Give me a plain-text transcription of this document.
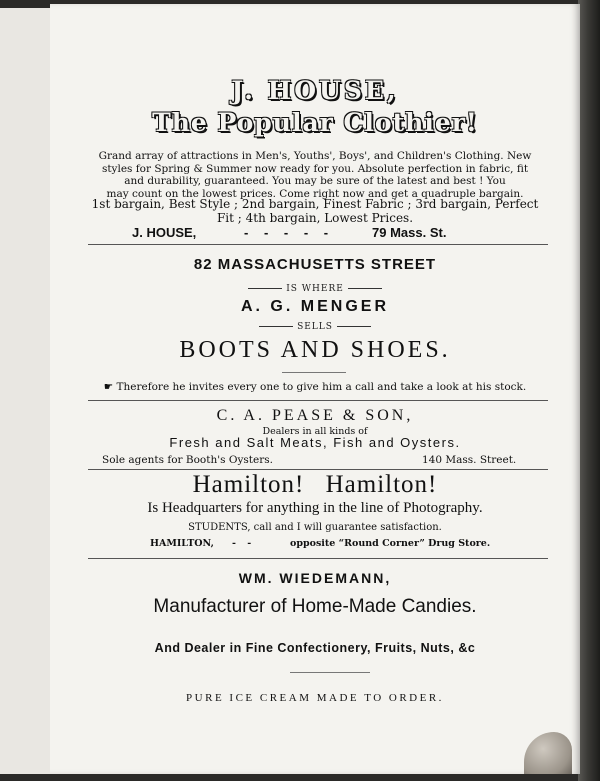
J. HOUSE,
The Popular Clothier!
Grand array of attractions in Men's, Youths', Boys', and Children's Clothing. New
styles for Spring & Summer now ready for you. Absolute perfection in fabric, fit
and durability, guaranteed. You may be sure of the latest and best ! You
may count on the lowest prices. Come right now and get a quadruple bargain.
1st bargain, Best Style ; 2nd bargain, Finest Fabric ; 3rd bargain, Perfect
Fit ; 4th bargain, Lowest Prices.
J. HOUSE,	- - - - -	79 Mass. St.
82 MASSACHUSETTS STREET
IS WHERE
A. G. MENGER
SELLS
BOOTS AND SHOES.
☛ Therefore he invites every one to give him a call and take a look at his stock.
C. A. PEASE & SON,
Dealers in all kinds of
Fresh and Salt Meats, Fish and Oysters.
Sole agents for Booth's Oysters.	140 Mass. Street.
Hamilton! Hamilton!
Is Headquarters for anything in the line of Photography.
STUDENTS, call and I will guarantee satisfaction.
HAMILTON, - -	opposite “Round Corner” Drug Store.
WM. WIEDEMANN,
Manufacturer of Home-Made Candies.
And Dealer in Fine Confectionery, Fruits, Nuts, &c
PURE ICE CREAM MADE TO ORDER.
